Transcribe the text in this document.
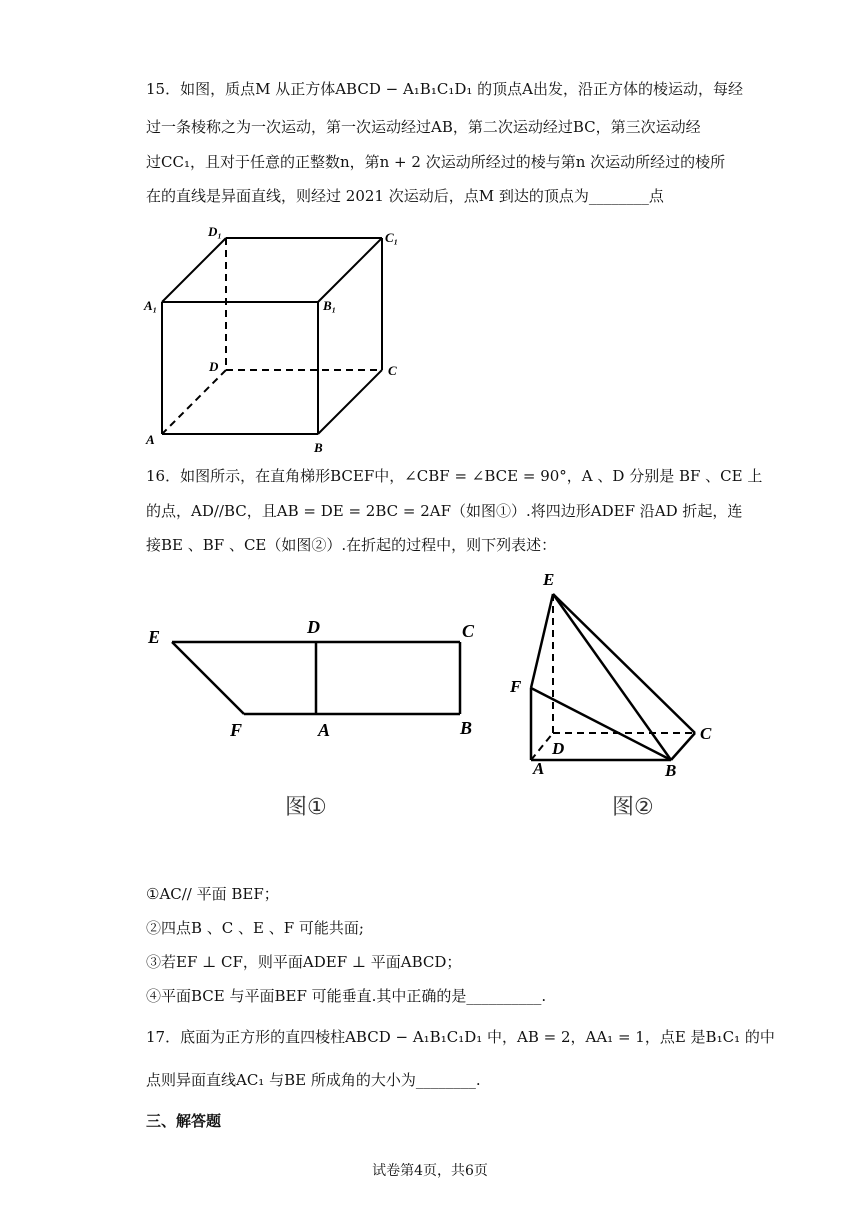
15．如图，质点M 从正方体ABCD − A₁B₁C₁D₁ 的顶点A出发，沿正方体的棱运动，每经
过一条棱称之为一次运动，第一次运动经过AB，第二次运动经过BC，第三次运动经
过CC₁，且对于任意的正整数n，第n + 2 次运动所经过的棱与第n 次运动所经过的棱所
在的直线是异面直线，则经过 2021 次运动后，点M 到达的顶点为________点
D₁	C₁
A₁	B₁
D	C
A
B
16．如图所示，在直角梯形BCEF中，∠CBF = ∠BCE = 90°，A 、D 分别是 BF 、CE 上
的点，AD//BC，且AB = DE = 2BC = 2AF（如图①）.将四边形ADEF 沿AD 折起，连
接BE 、BF 、CE（如图②）.在折起的过程中，则下列表述：
E	D	C
F	A	B
图①
E
F
D
C
A	B
图②
①AC// 平面 BEF；
②四点B 、C 、E 、F 可能共面;
③若EF ⊥ CF，则平面ADEF ⊥ 平面ABCD；
④平面BCE 与平面BEF 可能垂直.其中正确的是__________.
17．底面为正方形的直四棱柱ABCD − A₁B₁C₁D₁ 中，AB = 2，AA₁ = 1，点E 是B₁C₁ 的中
点则异面直线AC₁ 与BE 所成角的大小为________.
三、解答题
试卷第4页，共6页
